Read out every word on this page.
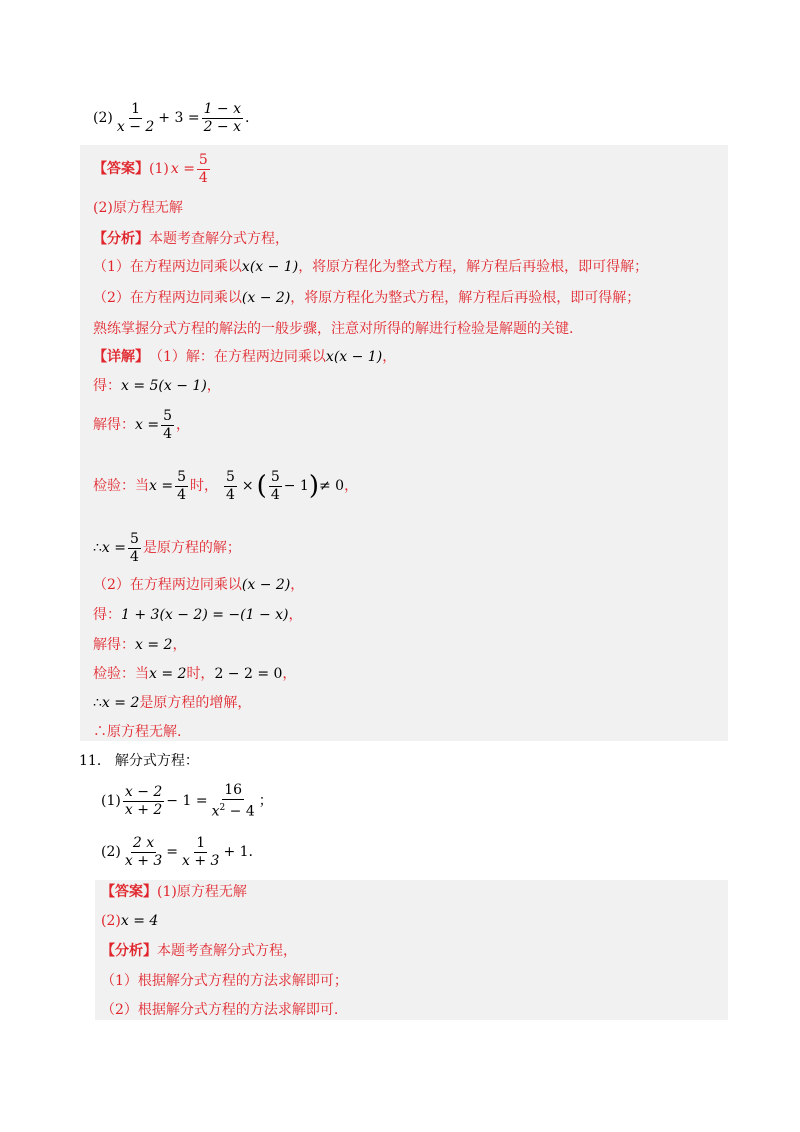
$(2) \frac{1}{x - 2} + 3 = \frac{1 - x}{2 - x}$ .
【答案】 (1) $x = \frac{5}{4}$
(2)原方程无解
【分析】 本题考查解分式方程，
（1）在方程两边同乘以 x(x − 1) ，将原方程化为整式方程，解方程后再验根，即可得解；
（2）在方程两边同乘以 (x − 2) ，将原方程化为整式方程，解方程后再验根，即可得解；
熟练掌握分式方程的解法的一般步骤，注意对所得的解进行检验是解题的关键.
【详解】 （1）解：在方程两边同乘以 x(x − 1) ，
得： x = 5(x − 1) ，
解得： $x = \frac{5}{4}$ ，
检验：当 $x = \frac{5}{4}$ 时， $\frac{5}{4}$ × ( $\frac{5}{4} - 1$ ) ≠ 0 ，
∴ $x = \frac{5}{4}$ 是原方程的解；
（2）在方程两边同乘以 (x − 2) ，
得： 1 + 3(x − 2) = −(1 − x) ，
解得： x = 2 ，
检验：当 x = 2 时， 2 − 2 = 0 ，
∴ x = 2 是原方程的增解，
∴原方程无解.
11． 解分式方程：
$(1) \frac{x - 2}{x + 2} - 1 = \frac{16}{x^2 - 4}$ ；
$(2) \frac{2 x}{x + 3} = \frac{1}{x + 3} + 1$.
【答案】 (1)原方程无解
(2) x = 4
【分析】 本题考查解分式方程，
（1）根据解分式方程的方法求解即可；
（2）根据解分式方程的方法求解即可.
